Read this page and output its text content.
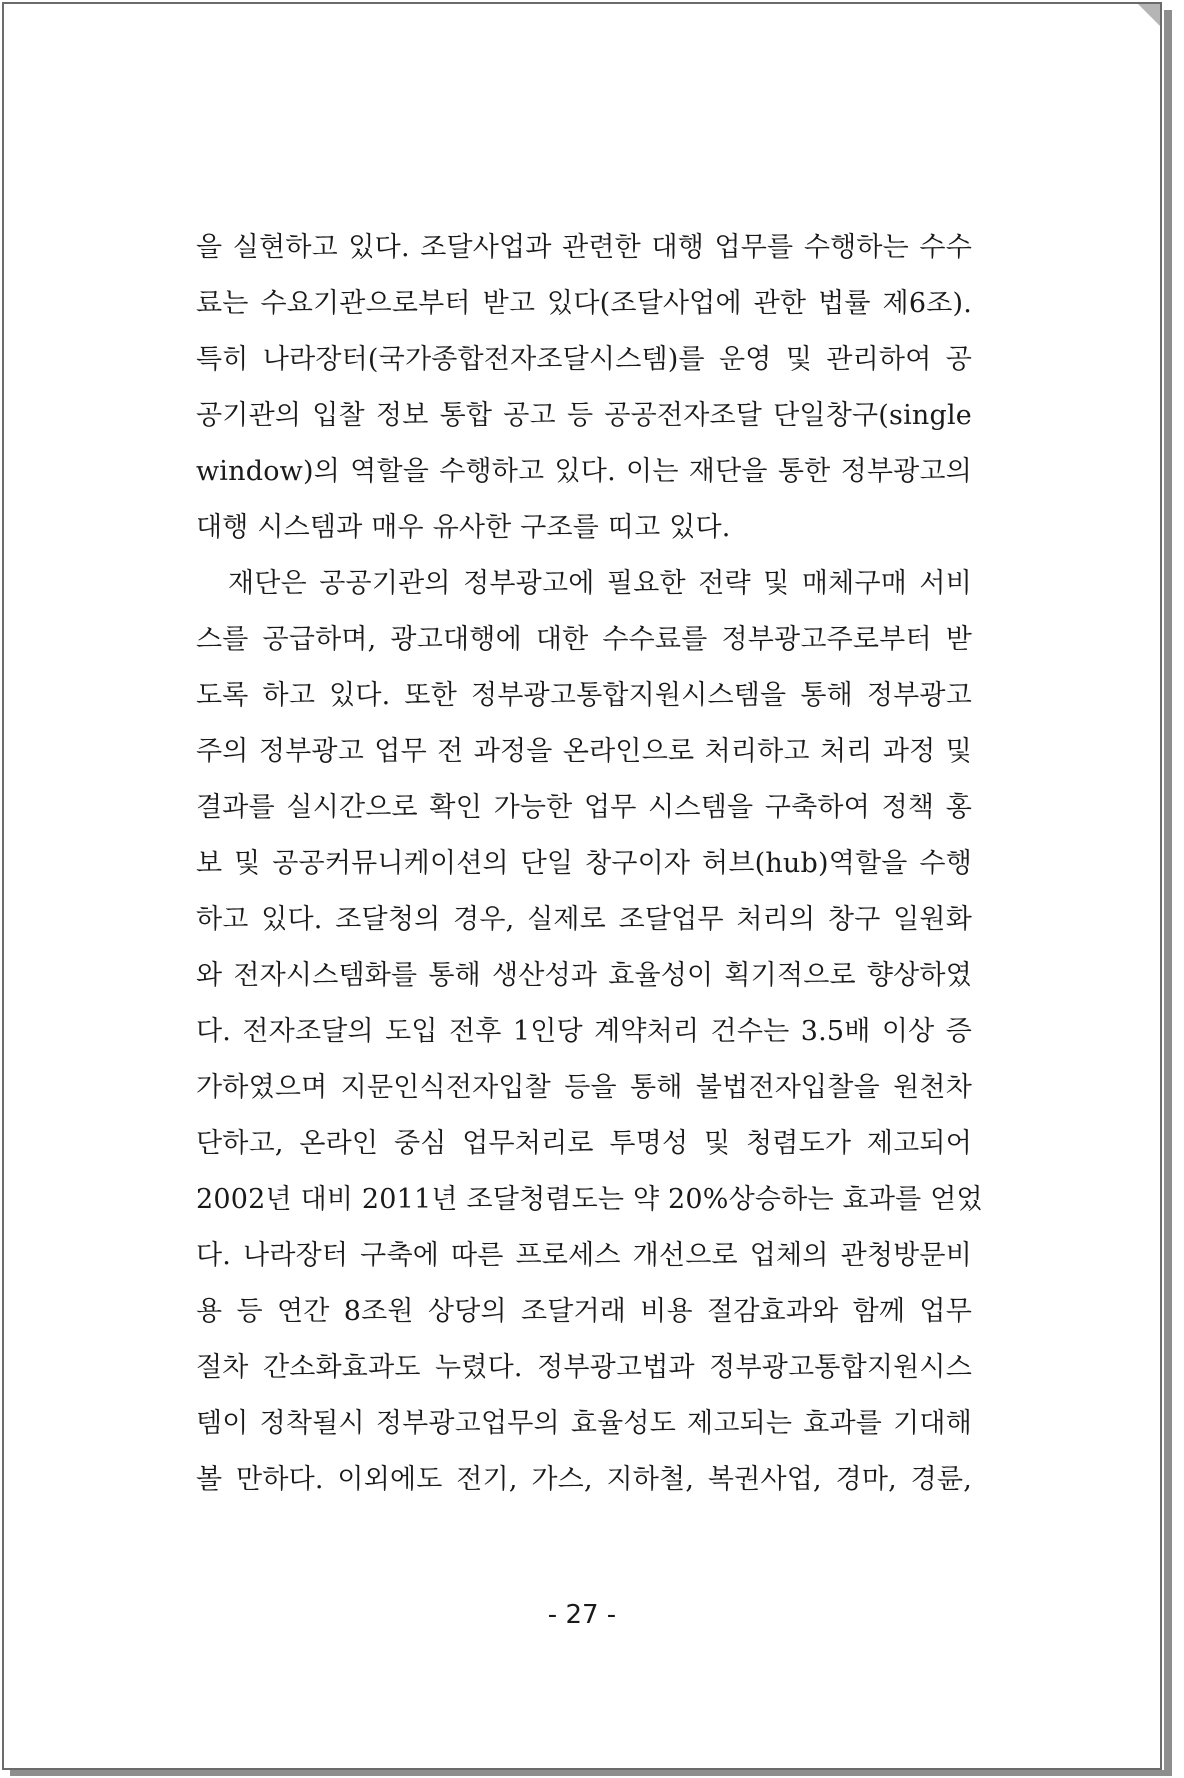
을 실현하고 있다. 조달사업과 관련한 대행 업무를 수행하는 수수
료는 수요기관으로부터 받고 있다(조달사업에 관한 법률 제6조).
특히 나라장터(국가종합전자조달시스템)를 운영 및 관리하여 공
공기관의 입찰 정보 통합 공고 등 공공전자조달 단일창구(single
window)의 역할을 수행하고 있다. 이는 재단을 통한 정부광고의
대행 시스템과 매우 유사한 구조를 띠고 있다.

재단은 공공기관의 정부광고에 필요한 전략 및 매체구매 서비
스를 공급하며, 광고대행에 대한 수수료를 정부광고주로부터 받
도록 하고 있다. 또한 정부광고통합지원시스템을 통해 정부광고
주의 정부광고 업무 전 과정을 온라인으로 처리하고 처리 과정 및
결과를 실시간으로 확인 가능한 업무 시스템을 구축하여 정책 홍
보 및 공공커뮤니케이션의 단일 창구이자 허브(hub)역할을 수행
하고 있다. 조달청의 경우, 실제로 조달업무 처리의 창구 일원화
와 전자시스템화를 통해 생산성과 효율성이 획기적으로 향상하였
다. 전자조달의 도입 전후 1인당 계약처리 건수는 3.5배 이상 증
가하였으며 지문인식전자입찰 등을 통해 불법전자입찰을 원천차
단하고, 온라인 중심 업무처리로 투명성 및 청렴도가 제고되어
2002년 대비 2011년 조달청렴도는 약 20%상승하는 효과를 얻었
다. 나라장터 구축에 따른 프로세스 개선으로 업체의 관청방문비
용 등 연간 8조원 상당의 조달거래 비용 절감효과와 함께 업무
절차 간소화효과도 누렸다. 정부광고법과 정부광고통합지원시스
템이 정착될시 정부광고업무의 효율성도 제고되는 효과를 기대해
볼 만하다. 이외에도 전기, 가스, 지하철, 복권사업, 경마, 경륜,

- 27 -
